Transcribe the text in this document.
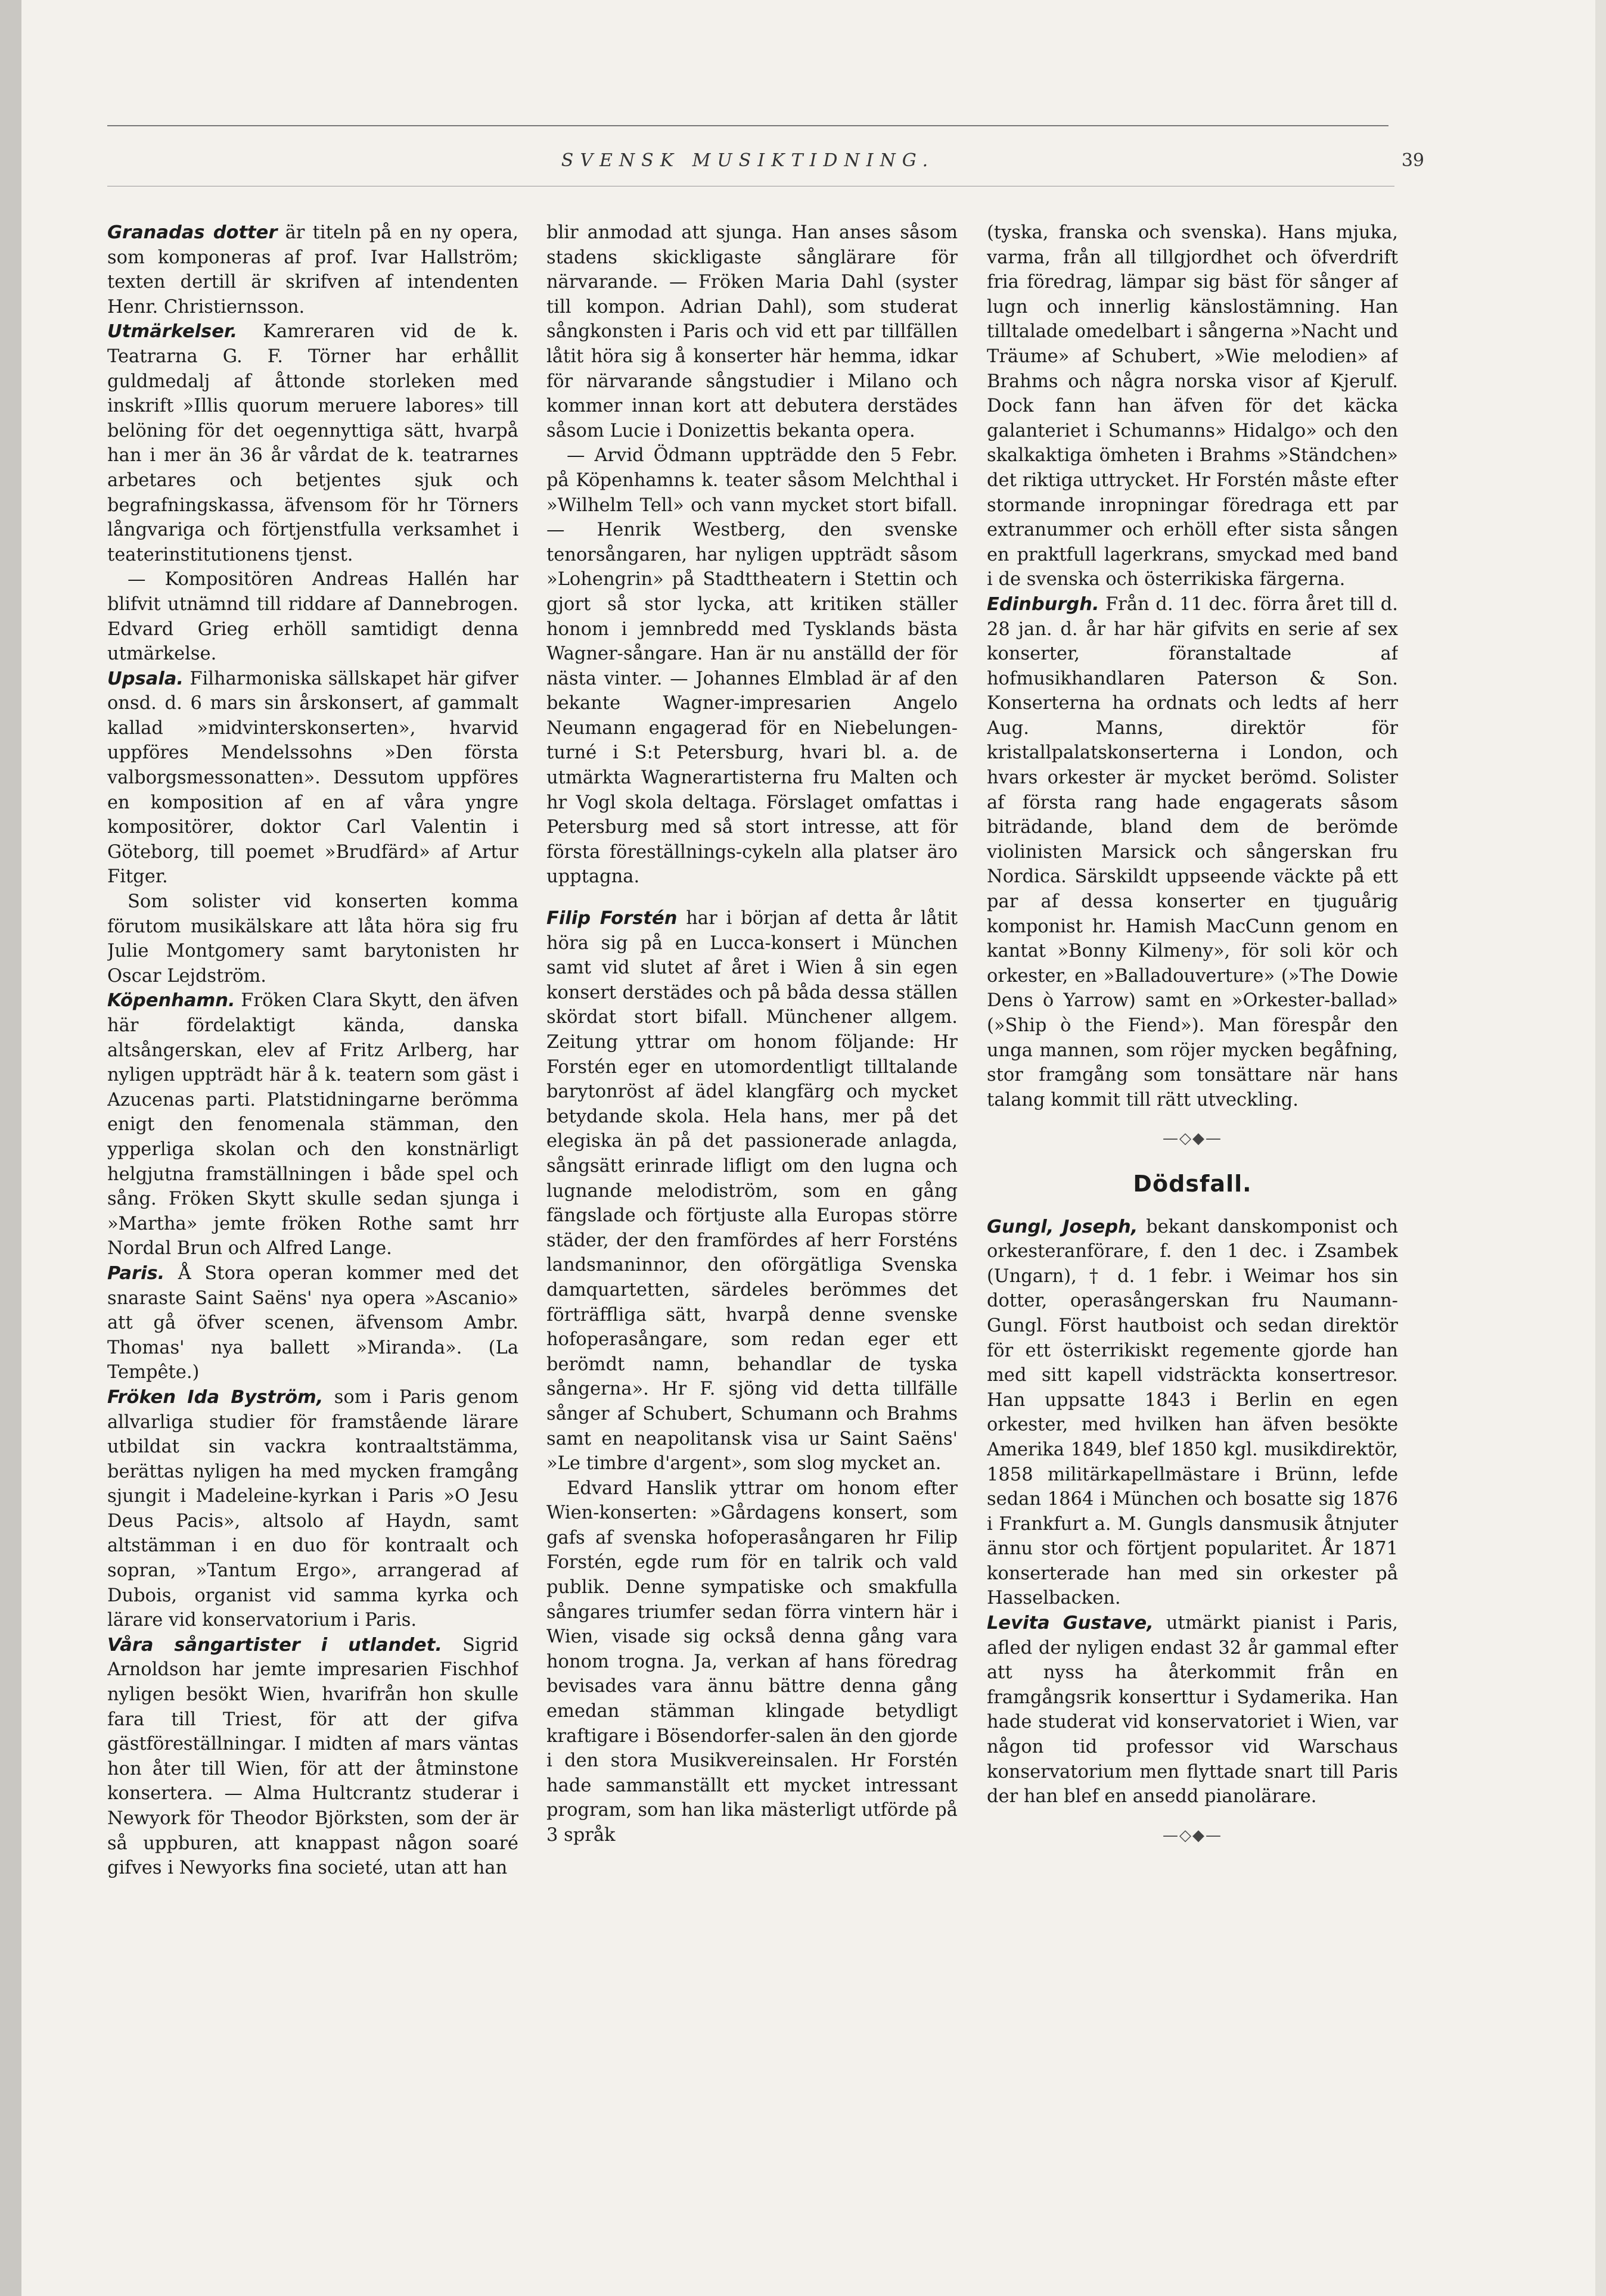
SVENSK MUSIKTIDNING.	39

Granadas dotter är titeln på en ny opera, som komponeras af prof. Ivar Hallström; texten dertill är skrifven af intendenten Henr. Christiernsson.

Utmärkelser. Kamreraren vid de k. Teatrarna G. F. Törner har erhållit guldmedalj af åttonde storleken med inskrift »Illis quorum meruere labores» till belöning för det oegennyttiga sätt, hvarpå han i mer än 36 år vårdat de k. teatrarnes arbetares och betjentes sjuk och begrafningskassa, äfvensom för hr Törners långvariga och förtjenstfulla verksamhet i teaterinstitutionens tjenst.

— Kompositören Andreas Hallén har blifvit utnämnd till riddare af Dannebrogen. Edvard Grieg erhöll samtidigt denna utmärkelse.

Upsala. Filharmoniska sällskapet här gifver onsd. d. 6 mars sin årskonsert, af gammalt kallad »midvinterskonserten», hvarvid uppföres Mendelssohns »Den första valborgsmessonatten». Dessutom uppföres en komposition af en af våra yngre kompositörer, doktor Carl Valentin i Göteborg, till poemet »Brudfärd» af Artur Fitger.

Som solister vid konserten komma förutom musikälskare att låta höra sig fru Julie Montgomery samt barytonisten hr Oscar Lejdström.

Köpenhamn. Fröken Clara Skytt, den äfven här fördelaktigt kända, danska altsångerskan, elev af Fritz Arlberg, har nyligen uppträdt här å k. teatern som gäst i Azucenas parti. Platstidningarne berömma enigt den fenomenala stämman, den ypperliga skolan och den konstnärligt helgjutna framställningen i både spel och sång. Fröken Skytt skulle sedan sjunga i »Martha» jemte fröken Rothe samt hrr Nordal Brun och Alfred Lange.

Paris. Å Stora operan kommer med det snaraste Saint Saëns' nya opera »Ascanio» att gå öfver scenen, äfvensom Ambr. Thomas' nya ballett »Miranda». (La Tempête.)

Fröken Ida Byström, som i Paris genom allvarliga studier för framstående lärare utbildat sin vackra kontraaltstämma, berättas nyligen ha med mycken framgång sjungit i Madeleine-kyrkan i Paris »O Jesu Deus Pacis», altsolo af Haydn, samt altstämman i en duo för kontraalt och sopran, »Tantum Ergo», arrangerad af Dubois, organist vid samma kyrka och lärare vid konservatorium i Paris.

Våra sångartister i utlandet. Sigrid Arnoldson har jemte impresarien Fischhof nyligen besökt Wien, hvarifrån hon skulle fara till Triest, för att der gifva gästföreställningar. I midten af mars väntas hon åter till Wien, för att der åtminstone konsertera. — Alma Hultcrantz studerar i Newyork för Theodor Björksten, som der är så uppburen, att knappast någon soaré gifves i Newyorks fina societé, utan att han

blir anmodad att sjunga. Han anses såsom stadens skickligaste sånglärare för närvarande. — Fröken Maria Dahl (syster till kompon. Adrian Dahl), som studerat sångkonsten i Paris och vid ett par tillfällen låtit höra sig å konserter här hemma, idkar för närvarande sångstudier i Milano och kommer innan kort att debutera derstädes såsom Lucie i Donizettis bekanta opera.

— Arvid Ödmann uppträdde den 5 Febr. på Köpenhamns k. teater såsom Melchthal i »Wilhelm Tell» och vann mycket stort bifall. — Henrik Westberg, den svenske tenorsångaren, har nyligen uppträdt såsom »Lohengrin» på Stadttheatern i Stettin och gjort så stor lycka, att kritiken ställer honom i jemnbredd med Tysklands bästa Wagner-sångare. Han är nu anställd der för nästa vinter. — Johannes Elmblad är af den bekante Wagner-impresarien Angelo Neumann engagerad för en Niebelungen-turné i S:t Petersburg, hvari bl. a. de utmärkta Wagnerartisterna fru Malten och hr Vogl skola deltaga. Förslaget omfattas i Petersburg med så stort intresse, att för första föreställnings-cykeln alla platser äro upptagna.

Filip Forstén har i början af detta år låtit höra sig på en Lucca-konsert i München samt vid slutet af året i Wien å sin egen konsert derstädes och på båda dessa ställen skördat stort bifall. Münchener allgem. Zeitung yttrar om honom följande: Hr Forstén eger en utomordentligt tilltalande barytonröst af ädel klangfärg och mycket betydande skola. Hela hans, mer på det elegiska än på det passionerade anlagda, sångsätt erinrade lifligt om den lugna och lugnande melodiström, som en gång fängslade och förtjuste alla Europas större städer, der den framfördes af herr Forsténs landsmaninnor, den oförgätliga Svenska damquartetten, särdeles berömmes det förträffliga sätt, hvarpå denne svenske hofoperasångare, som redan eger ett berömdt namn, behandlar de tyska sångerna». Hr F. sjöng vid detta tillfälle sånger af Schubert, Schumann och Brahms samt en neapolitansk visa ur Saint Saëns' »Le timbre d'argent», som slog mycket an.

Edvard Hanslik yttrar om honom efter Wien-konserten: »Gårdagens konsert, som gafs af svenska hofoperasångaren hr Filip Forstén, egde rum för en talrik och vald publik. Denne sympatiske och smakfulla sångares triumfer sedan förra vintern här i Wien, visade sig också denna gång vara honom trogna. Ja, verkan af hans föredrag bevisades vara ännu bättre denna gång emedan stämman klingade betydligt kraftigare i Bösendorfer-salen än den gjorde i den stora Musikvereinsalen. Hr Forstén hade sammanställt ett mycket intressant program, som han lika mästerligt utförde på 3 språk

(tyska, franska och svenska). Hans mjuka, varma, från all tillgjordhet och öfverdrift fria föredrag, lämpar sig bäst för sånger af lugn och innerlig känslostämning. Han tilltalade omedelbart i sångerna »Nacht und Träume» af Schubert, »Wie melodien» af Brahms och några norska visor af Kjerulf. Dock fann han äfven för det käcka galanteriet i Schumanns» Hidalgo» och den skalkaktiga ömheten i Brahms »Ständchen» det riktiga uttrycket. Hr Forstén måste efter stormande inropningar föredraga ett par extranummer och erhöll efter sista sången en praktfull lagerkrans, smyckad med band i de svenska och österrikiska färgerna.

Edinburgh. Från d. 11 dec. förra året till d. 28 jan. d. år har här gifvits en serie af sex konserter, föranstaltade af hofmusikhandlaren Paterson & Son. Konserterna ha ordnats och ledts af herr Aug. Manns, direktör för kristallpalatskonserterna i London, och hvars orkester är mycket berömd. Solister af första rang hade engagerats såsom biträdande, bland dem de berömde violinisten Marsick och sångerskan fru Nordica. Särskildt uppseende väckte på ett par af dessa konserter en tjuguårig komponist hr. Hamish MacCunn genom en kantat »Bonny Kilmeny», för soli kör och orkester, en »Balladouverture» (»The Dowie Dens ò Yarrow) samt en »Orkester-ballad» (»Ship ò the Fiend»). Man förespår den unga mannen, som röjer mycken begåfning, stor framgång som tonsättare när hans talang kommit till rätt utveckling.

—◇◆—
Dödsfall.

Gungl, Joseph, bekant danskomponist och orkesteranförare, f. den 1 dec. i Zsambek (Ungarn), † d. 1 febr. i Weimar hos sin dotter, operasångerskan fru Naumann-Gungl. Först hautboist och sedan direktör för ett österrikiskt regemente gjorde han med sitt kapell vidsträckta konsertresor. Han uppsatte 1843 i Berlin en egen orkester, med hvilken han äfven besökte Amerika 1849, blef 1850 kgl. musikdirektör, 1858 militärkapellmästare i Brünn, lefde sedan 1864 i München och bosatte sig 1876 i Frankfurt a. M. Gungls dansmusik åtnjuter ännu stor och förtjent popularitet. År 1871 konserterade han med sin orkester på Hasselbacken.

Levita Gustave, utmärkt pianist i Paris, afled der nyligen endast 32 år gammal efter att nyss ha återkommit från en framgångsrik konserttur i Sydamerika. Han hade studerat vid konservatoriet i Wien, var någon tid professor vid Warschaus konservatorium men flyttade snart till Paris der han blef en ansedd pianolärare.

—◇◆—
